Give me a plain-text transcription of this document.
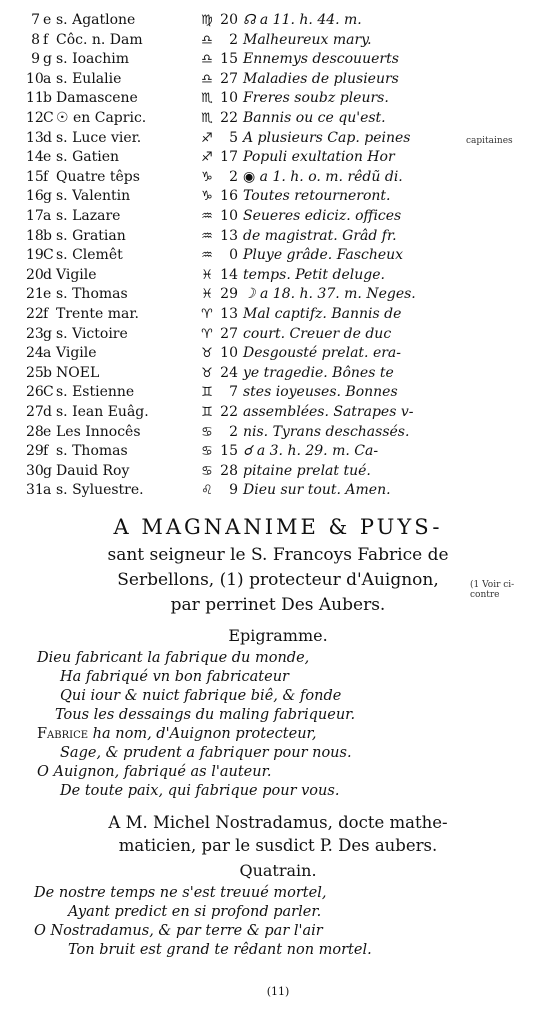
7 e s. Agatlone	♍ 20 ☊ a 11. h. 44. m.
8 f Côc. n. Dam	♎	2 Malheureux mary.
9 g s. Ioachim	♎ 15 Ennemys descouuerts
10 a s. Eulalie	♎ 27 Maladies de plusieurs
11 b Damascene	♏ 10 Freres soubz pleurs.
12 C ☉ en Capric.	♏ 22 Bannis ou ce qu'est.
13 d s. Luce vier.	♐	5 A plusieurs Cap. peines
14 e s. Gatien	♐ 17 Populi exultation Hor
15 f Quatre têps	♑	2 ◉ a 1. h. o. m. rêdũ di.
16 g s. Valentin	♑ 16 Toutes retourneront.
17 a s. Lazare	♒ 10 Seueres ediciz. offices
18 b s. Gratian	♒ 13 de magistrat. Grâd fr.
19 C s. Clemêt	♒	0 Pluye grâde. Fascheux
20 d Vigile	♓ 14 temps. Petit deluge.
21 e s. Thomas	♓ 29 ☽ a 18. h. 37. m. Neges.
22 f Trente mar.	♈ 13 Mal captifz. Bannis de
23 g s. Victoire	♈ 27 court. Creuer de duc
24 a Vigile	♉ 10 Desgousté prelat. era-
25 b NOEL	♉ 24 ye tragedie. Bônes te
26 C s. Estienne	♊	7 stes ioyeuses. Bonnes
27 d s. Iean Euâg.	♊ 22 assemblées. Satrapes v-
28 e Les Innocês	♋	2 nis. Tyrans deschassés.
29 f s. Thomas	♋ 15 ☌ a 3. h. 29. m. Ca-
30 g Dauid Roy	♋ 28 pitaine prelat tué.
31 a s. Syluestre.	♌	9 Dieu sur tout. Amen.
capitaines
(1 Voir ci-
contre
A MAGNANIME & PUYS-
sant seigneur le S. Francoys Fabrice de
Serbellons, (1) protecteur d'Auignon,
par perrinet Des Aubers.
Epigramme.
Dieu fabricant la fabrique du monde,
Ha fabriqué vn bon fabricateur
Qui iour & nuict fabrique biê, & fonde
Tous les dessaings du maling fabriqueur.
Fabrice ha nom, d'Auignon protecteur,
Sage, & prudent a fabriquer pour nous.
O Auignon, fabriqué as l'auteur.
De toute paix, qui fabrique pour vous.
A M. Michel Nostradamus, docte mathe-
maticien, par le susdict P. Des aubers.
Quatrain.
De nostre temps ne s'est treuué mortel,
Ayant predict en si profond parler.
O Nostradamus, & par terre & par l'air
Ton bruit est grand te rêdant non mortel.
(11)
